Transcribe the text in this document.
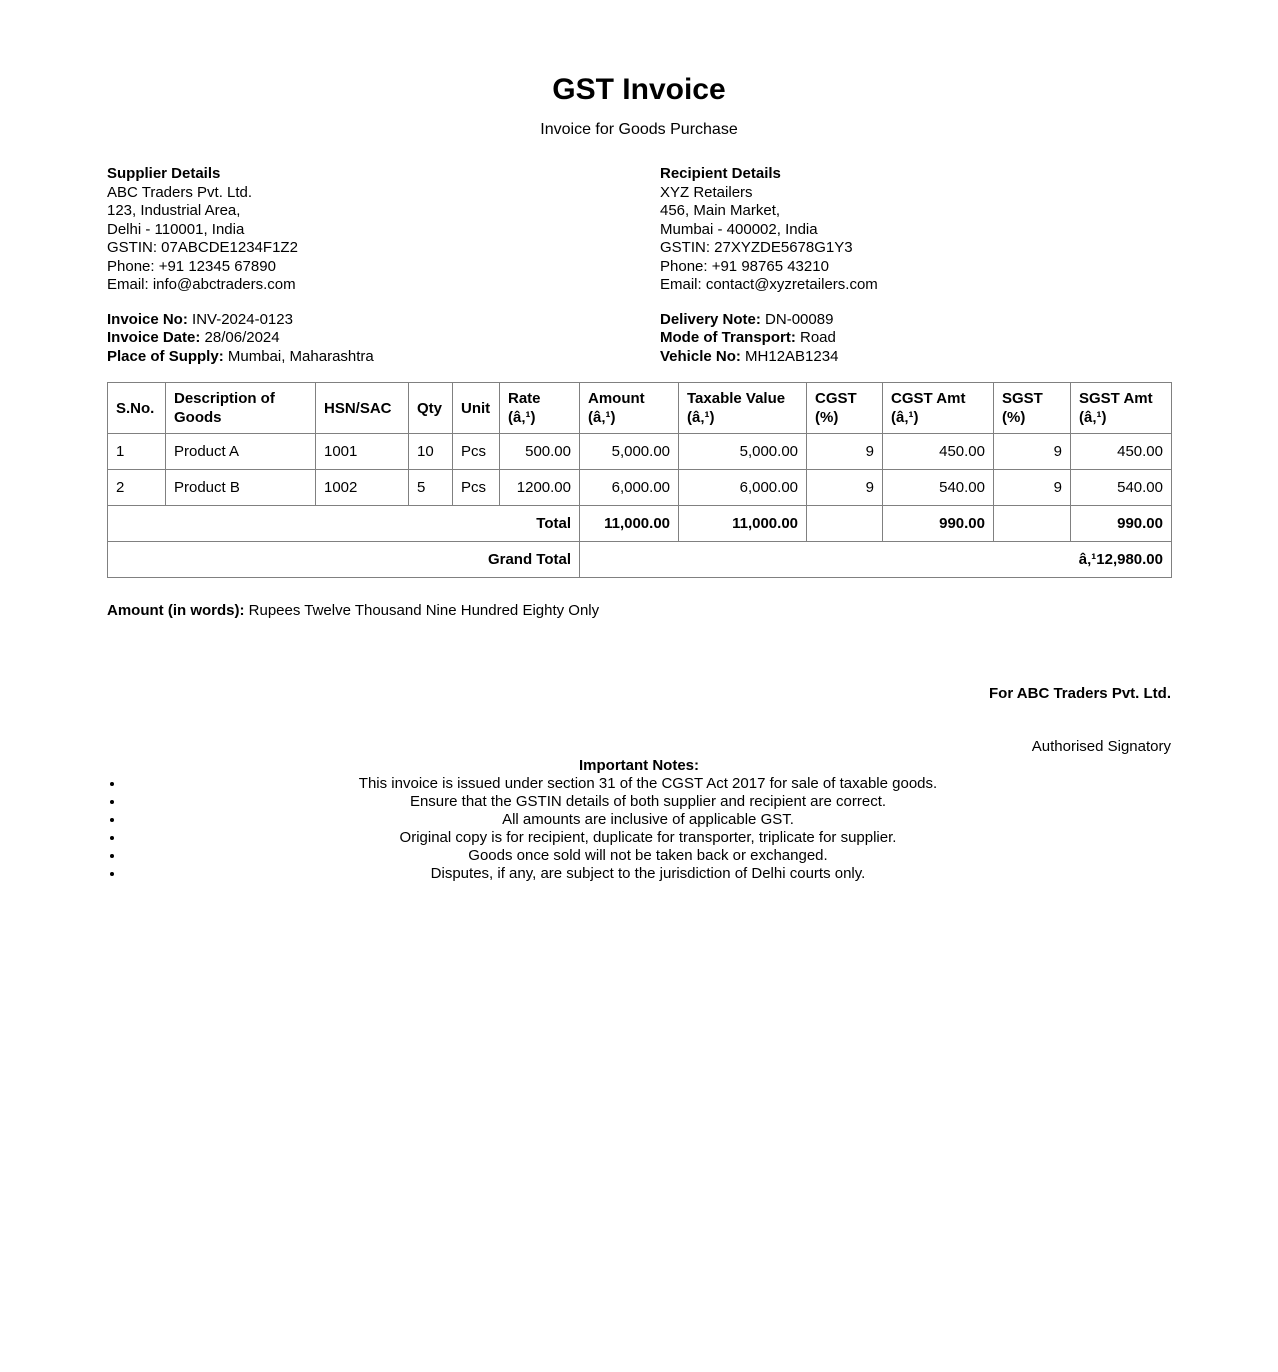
GST Invoice
Invoice for Goods Purchase
Supplier Details
ABC Traders Pvt. Ltd.
123, Industrial Area,
Delhi - 110001, India
GSTIN: 07ABCDE1234F1Z2
Phone: +91 12345 67890
Email: info@abctraders.com
Recipient Details
XYZ Retailers
456, Main Market,
Mumbai - 400002, India
GSTIN: 27XYZDE5678G1Y3
Phone: +91 98765 43210
Email: contact@xyzretailers.com
Invoice No: INV-2024-0123
Invoice Date: 28/06/2024
Place of Supply: Mumbai, Maharashtra
Delivery Note: DN-00089
Mode of Transport: Road
Vehicle No: MH12AB1234
S.No.	Description of Goods	HSN/SAC	Qty	Unit	Rate (â‚¹)	Amount (â‚¹)	Taxable Value (â‚¹)	CGST (%)	CGST Amt (â‚¹)	SGST (%)	SGST Amt (â‚¹)
1	Product A	1001	10	Pcs	500.00	5,000.00	5,000.00	9	450.00	9	450.00
2	Product B	1002	5	Pcs	1200.00	6,000.00	6,000.00	9	540.00	9	540.00
Total						11,000.00	11,000.00		990.00		990.00
Grand Total						â‚¹12,980.00					
Amount (in words): Rupees Twelve Thousand Nine Hundred Eighty Only
For ABC Traders Pvt. Ltd.
Authorised Signatory
Important Notes:
• This invoice is issued under section 31 of the CGST Act 2017 for sale of taxable goods.
• Ensure that the GSTIN details of both supplier and recipient are correct.
• All amounts are inclusive of applicable GST.
• Original copy is for recipient, duplicate for transporter, triplicate for supplier.
• Goods once sold will not be taken back or exchanged.
• Disputes, if any, are subject to the jurisdiction of Delhi courts only.
